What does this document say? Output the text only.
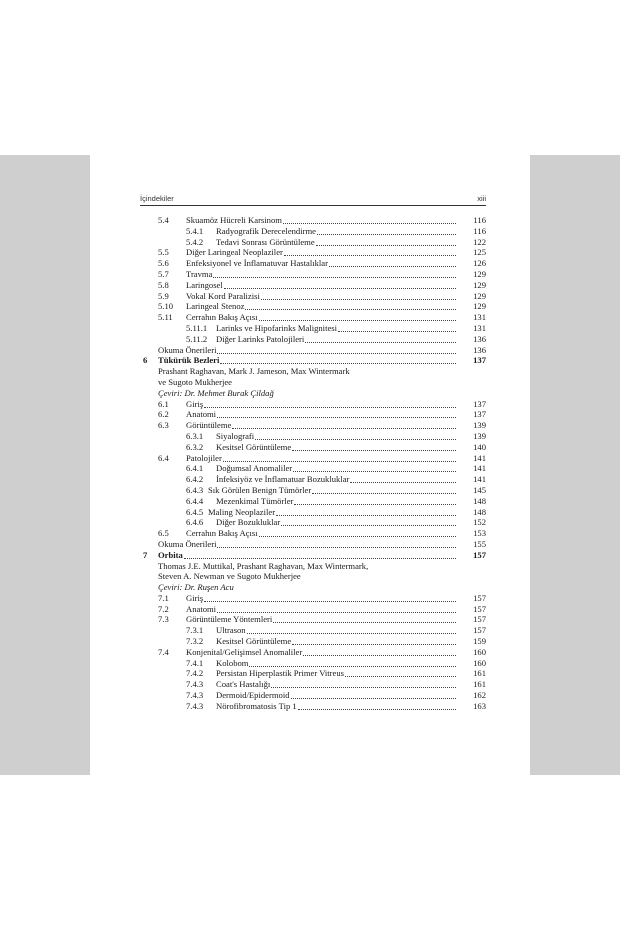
İçindekiler	xiii
5.4 Skuamöz Hücreli Karsinom	116
5.4.1 Radyografik Derecelendirme	116
5.4.2 Tedavi Sonrası Görüntüleme	122
5.5 Diğer Laringeal Neoplaziler	125
5.6 Enfeksiyonel ve İnflamatuvar Hastalıklar	126
5.7 Travma	129
5.8 Laringosel	129
5.9 Vokal Kord Paralizisi	129
5.10 Laringeal Stenoz	129
5.11 Cerrahın Bakış Açısı	131
5.11.1 Larinks ve Hipofarinks Malignitesi	131
5.11.2 Diğer Larinks Patolojileri	136
Okuma Önerileri	136
6 Tükürük Bezleri	137
Prashant Raghavan, Mark J. Jameson, Max Wintermark
ve Sugoto Mukherjee
Çeviri: Dr. Mehmet Burak Çildağ
6.1 Giriş	137
6.2 Anatomi	137
6.3 Görüntüleme	139
6.3.1 Siyalografi	139
6.3.2 Kesitsel Görüntüleme	140
6.4 Patolojiler	141
6.4.1 Doğumsal Anomaliler	141
6.4.2 İnfeksiyöz ve İnflamatuar Bozukluklar	141
6.4.3 Sık Görülen Benign Tümörler	145
6.4.4 Mezenkimal Tümörler	148
6.4.5 Maling Neoplaziler	148
6.4.6 Diğer Bozukluklar	152
6.5 Cerrahın Bakış Açısı	153
Okuma Önerileri	155
7 Orbita	157
Thomas J.E. Muttikal, Prashant Raghavan, Max Wintermark,
Steven A. Newman ve Sugoto Mukherjee
Çeviri: Dr. Ruşen Acu
7.1 Giriş	157
7.2 Anatomi	157
7.3 Görüntüleme Yöntemleri	157
7.3.1 Ultrason	157
7.3.2 Kesitsel Görüntüleme	159
7.4 Konjenital/Gelişimsel Anomaliler	160
7.4.1 Kolobom	160
7.4.2 Persistan Hiperplastik Primer Vitreus	161
7.4.3 Coat's Hastalığı	161
7.4.3 Dermoid/Epidermoid	162
7.4.3 Nörofibromatosis Tip 1	163
